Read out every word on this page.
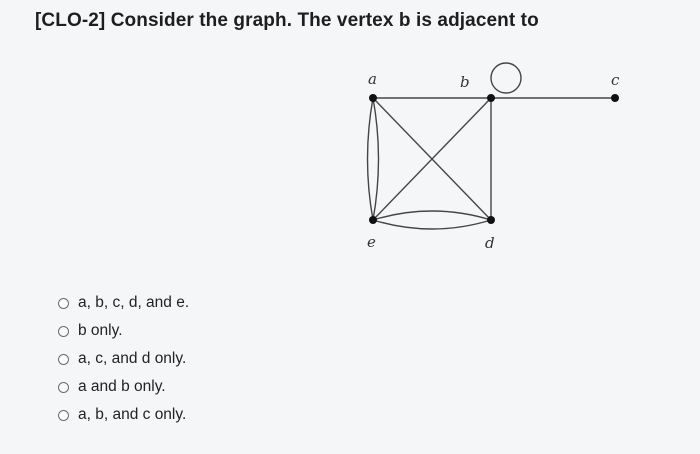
[CLO-2] Consider the graph. The vertex b is adjacent to
a	b	c
d
e
a, b, c, d, and e.
b only.
a, c, and d only.
a and b only.
a, b, and c only.
